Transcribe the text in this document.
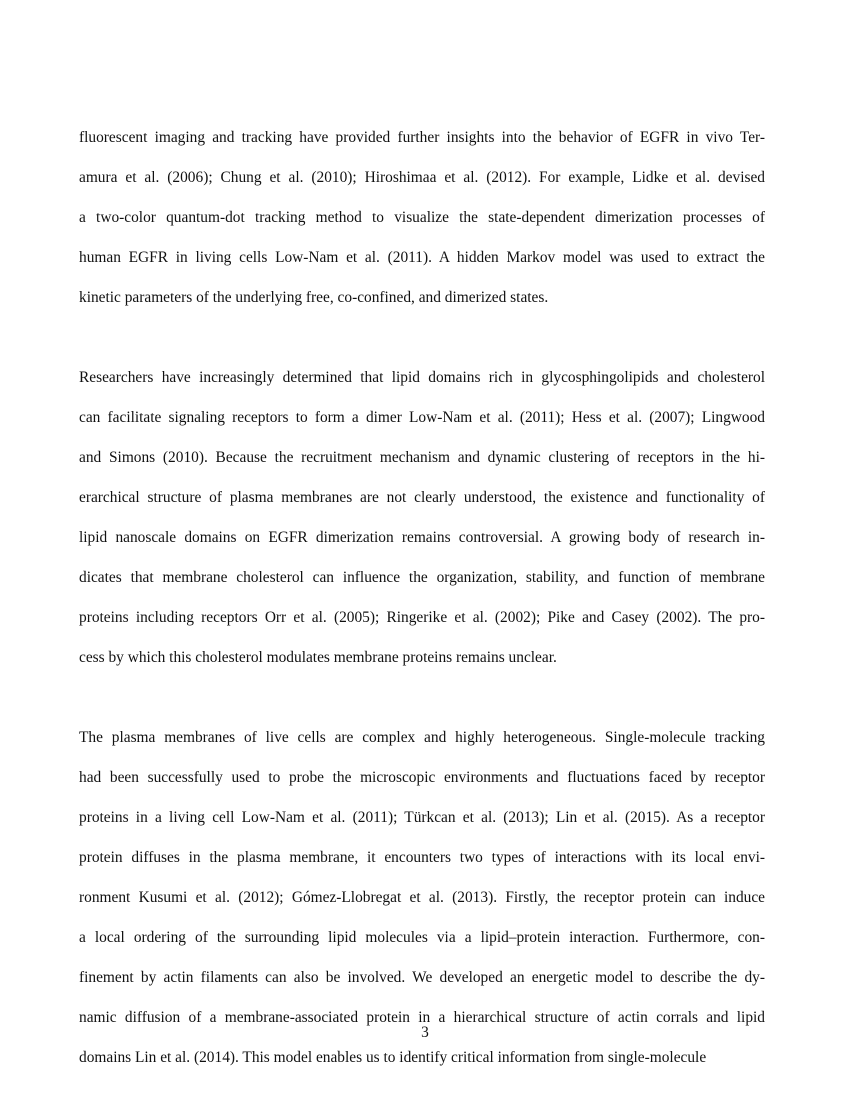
fluorescent imaging and tracking have provided further insights into the behavior of EGFR in vivo Ter-
amura et al. (2006); Chung et al. (2010); Hiroshimaa et al. (2012). For example, Lidke et al. devised
a two-color quantum-dot tracking method to visualize the state-dependent dimerization processes of
human EGFR in living cells Low-Nam et al. (2011). A hidden Markov model was used to extract the
kinetic parameters of the underlying free, co-confined, and dimerized states.

Researchers have increasingly determined that lipid domains rich in glycosphingolipids and cholesterol
can facilitate signaling receptors to form a dimer Low-Nam et al. (2011); Hess et al. (2007); Lingwood
and Simons (2010). Because the recruitment mechanism and dynamic clustering of receptors in the hi-
erarchical structure of plasma membranes are not clearly understood, the existence and functionality of
lipid nanoscale domains on EGFR dimerization remains controversial. A growing body of research in-
dicates that membrane cholesterol can influence the organization, stability, and function of membrane
proteins including receptors Orr et al. (2005); Ringerike et al. (2002); Pike and Casey (2002). The pro-
cess by which this cholesterol modulates membrane proteins remains unclear.

The plasma membranes of live cells are complex and highly heterogeneous. Single-molecule tracking
had been successfully used to probe the microscopic environments and fluctuations faced by receptor
proteins in a living cell Low-Nam et al. (2011); Türkcan et al. (2013); Lin et al. (2015). As a receptor
protein diffuses in the plasma membrane, it encounters two types of interactions with its local envi-
ronment Kusumi et al. (2012); Gómez-Llobregat et al. (2013). Firstly, the receptor protein can induce
a local ordering of the surrounding lipid molecules via a lipid–protein interaction. Furthermore, con-
finement by actin filaments can also be involved. We developed an energetic model to describe the dy-
namic diffusion of a membrane-associated protein in a hierarchical structure of actin corrals and lipid
domains Lin et al. (2014). This model enables us to identify critical information from single-molecule

3
